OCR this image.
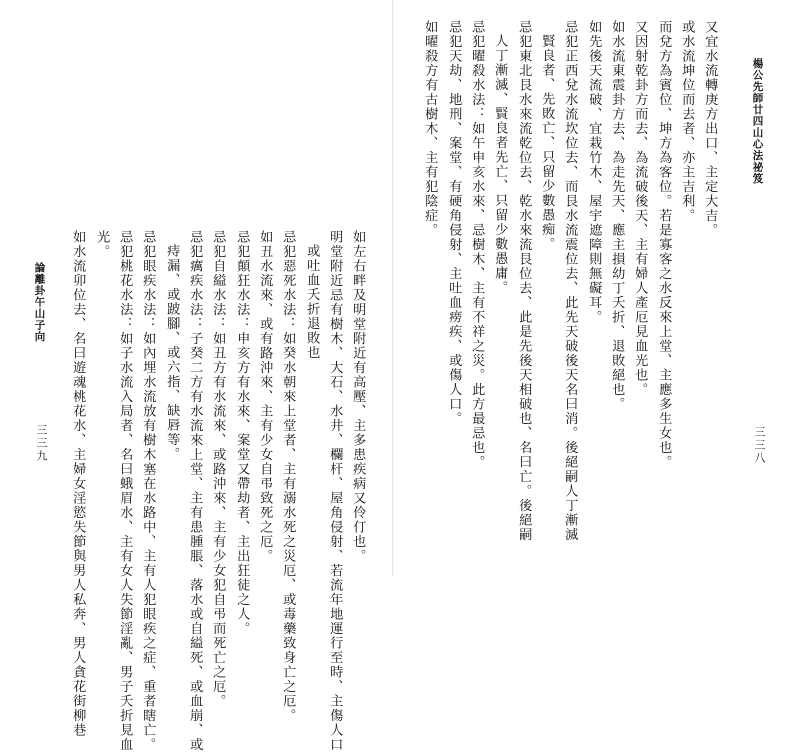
楊公先師廿四山心法祕笈
三三八
又宜水流轉庚方出口、主定大吉。
或水流坤位而去者、亦主吉利。
而兌方為賓位、坤方為客位。若是寡客之水反來上堂、主應多生女也。
又因射乾卦方而去、為流破後天、主有婦人產厄見血光也。
如水流東震卦方去、為走先天、應主損幼丁夭折、退敗絕也。
如先後天流破、宜栽竹木、屋宇遮障則無礙耳。
忌犯正西兌水流坎位去、而艮水流震位去、此先天破後天名曰消。後絕嗣人丁漸滅
賢良者、先敗亡、只留少數愚痴。
忌犯東北艮水來流乾位去、乾水來流艮位去、此是先後天相破也、名曰亡。後絕嗣
人丁漸滅、賢良者先亡、只留少數愚庸。
忌犯曜殺水法：如午申亥水來、忌樹木、主有不祥之災。此方最忌也。
忌犯天劫、地刑、案堂、有硬角侵射、主吐血痨疾、或傷人口。
如曜殺方有古樹木、主有犯陰症。
如左右畔及明堂附近有高壓、主多患疾病又伶仃也。
明堂附近忌有樹木、大石、水井、欄杆、屋角侵射、若流年地運行至時、主傷人口
或吐血夭折退敗也
忌犯惡死水法：如癸水朝來上堂者、主有溺水死之災厄、或毒藥致身亡之厄。
如丑水流來、或有路沖來、主有少女自弔致死之厄。
忌犯顛狂水法：申亥方有水來、案堂又帶劫者、主出狂徒之人。
忌犯自縊水法：如丑方有水流來、或路沖來、主有少女犯自弔而死亡之厄。
忌犯癘疾水法：子癸二方有水流來上堂、主有患腫脹、落水或自縊死、或血崩、或
痔漏、或跛腳、或六指、缺唇等。
忌犯眼疾水法：如內埋水流放有樹木塞在水路中、主有人犯眼疾之症、重者瞎亡。
忌犯桃花水法：如子水流入局者、名曰蛾眉水、主有女人失節淫亂、男子夭折見血
光。
如水流卯位去、名曰遊魂桃花水、主婦女淫慾失節與男人私奔、男人貪花街柳巷
論離卦午山子向
三三九
